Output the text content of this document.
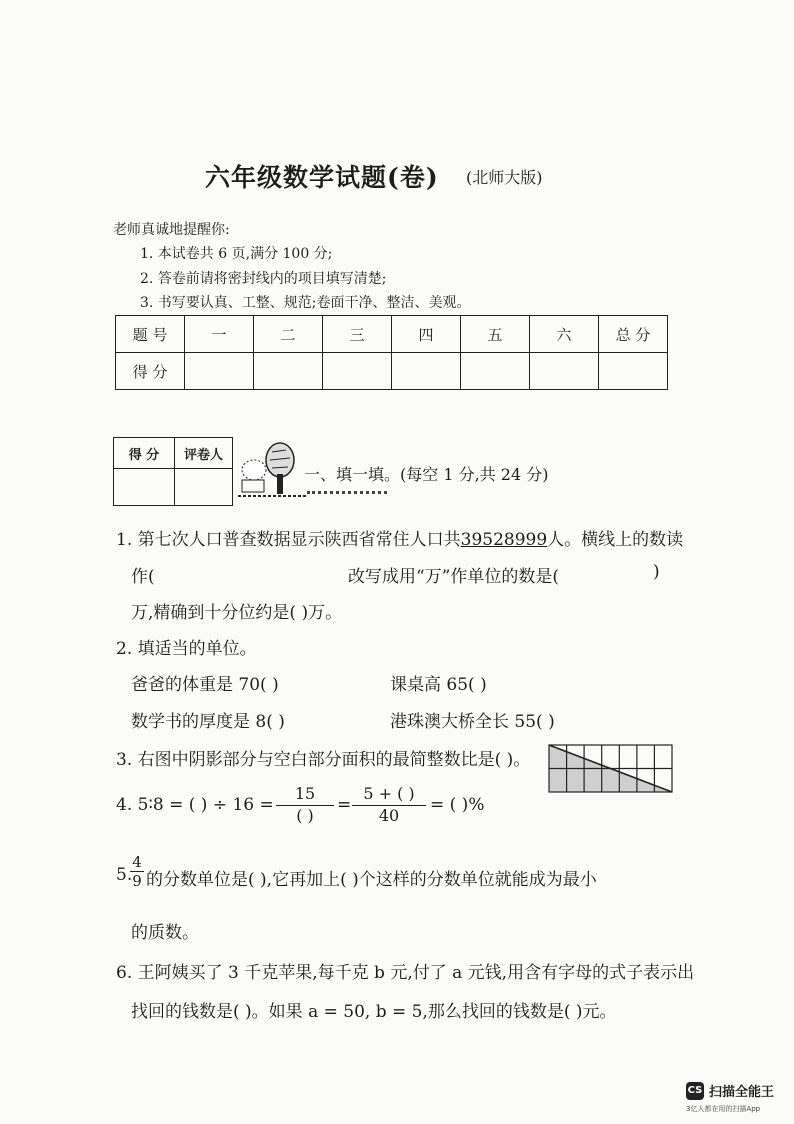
六年级数学试题(卷) (北师大版)
老师真诚地提醒你:
1. 本试卷共 6 页,满分 100 分;
2. 答卷前请将密封线内的项目填写清楚;
3. 书写要认真、工整、规范;卷面干净、整洁、美观。
题 号	一	二	三	四	五	六	总 分
得 分							
得 分	评卷人

一、填一填。(每空 1 分,共 24 分)
1. 第七次人口普查数据显示陕西省常住人口共39528999人。横线上的数读
作(	改写成用“万”作单位的数是(	)
万,精确到十分位约是( )万。
2. 填适当的单位。
爸爸的体重是 70( )	课桌高 65( )
数学书的厚度是 8( )	港珠澳大桥全长 55( )
3. 右图中阴影部分与空白部分面积的最简整数比是( )。
4. 5∶8 = ( ) ÷ 16 =
15
( )
=
5 + ( )
40
= ( )%
5.
4
9 的分数单位是( ),它再加上( )个这样的分数单位就能成为最小
的质数。
6. 王阿姨买了 3 千克苹果,每千克 b 元,付了 a 元钱,用含有字母的式子表示出
找回的钱数是( )。如果 a = 50, b = 5,那么找回的钱数是( )元。
CS 扫描全能王
3亿人都在用的扫描App
